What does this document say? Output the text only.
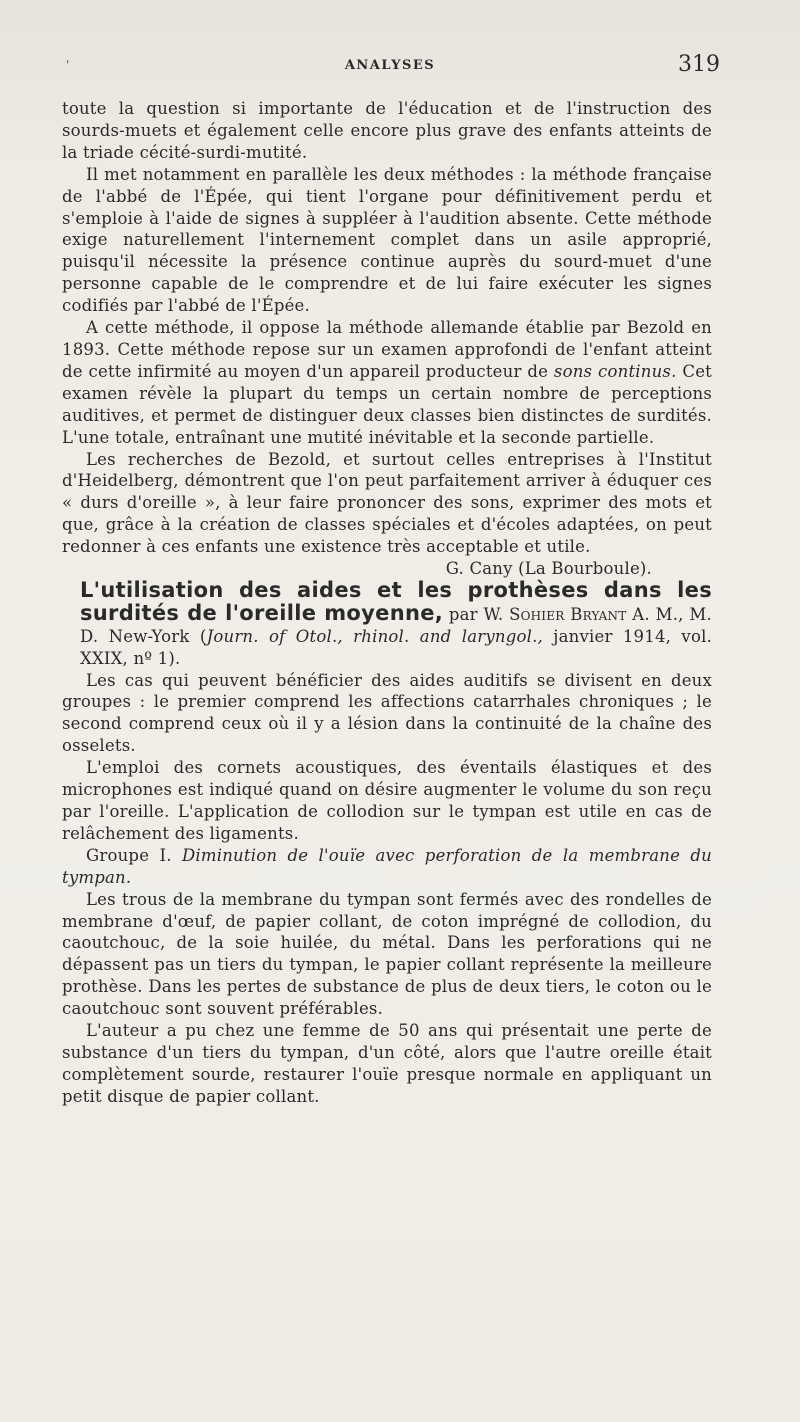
'	ANALYSES	319

toute la question si importante de l'éducation et de l'instruction des sourds-muets et également celle encore plus grave des enfants atteints de la triade cécité-surdi-mutité.

Il met notamment en parallèle les deux méthodes : la méthode française de l'abbé de l'Épée, qui tient l'organe pour définitivement perdu et s'emploie à l'aide de signes à suppléer à l'audition absente. Cette méthode exige naturellement l'internement complet dans un asile approprié, puisqu'il nécessite la présence continue auprès du sourd-muet d'une personne capable de le comprendre et de lui faire exécuter les signes codifiés par l'abbé de l'Épée.

A cette méthode, il oppose la méthode allemande établie par Bezold en 1893. Cette méthode repose sur un examen approfondi de l'enfant atteint de cette infirmité au moyen d'un appareil producteur de sons continus. Cet examen révèle la plupart du temps un certain nombre de perceptions auditives, et permet de distinguer deux classes bien distinctes de surdités. L'une totale, entraînant une mutité inévitable et la seconde partielle.

Les recherches de Bezold, et surtout celles entreprises à l'Institut d'Heidelberg, démontrent que l'on peut parfaitement arriver à éduquer ces « durs d'oreille », à leur faire prononcer des sons, exprimer des mots et que, grâce à la création de classes spéciales et d'écoles adaptées, on peut redonner à ces enfants une existence très acceptable et utile.

G. Cany (La Bourboule).

L'utilisation des aides et les prothèses dans les surdités de l'oreille moyenne, par W. Sohier Bryant A. M., M. D. New-York (Journ. of Otol., rhinol. and laryngol., janvier 1914, vol. XXIX, nº 1).

Les cas qui peuvent bénéficier des aides auditifs se divisent en deux groupes : le premier comprend les affections catarrhales chroniques ; le second comprend ceux où il y a lésion dans la continuité de la chaîne des osselets.

L'emploi des cornets acoustiques, des éventails élastiques et des microphones est indiqué quand on désire augmenter le volume du son reçu par l'oreille. L'application de collodion sur le tympan est utile en cas de relâchement des ligaments.

Groupe I. Diminution de l'ouïe avec perforation de la membrane du tympan.

Les trous de la membrane du tympan sont fermés avec des rondelles de membrane d'œuf, de papier collant, de coton imprégné de collodion, du caoutchouc, de la soie huilée, du métal. Dans les perforations qui ne dépassent pas un tiers du tympan, le papier collant représente la meilleure prothèse. Dans les pertes de substance de plus de deux tiers, le coton ou le caoutchouc sont souvent préférables.

L'auteur a pu chez une femme de 50 ans qui présentait une perte de substance d'un tiers du tympan, d'un côté, alors que l'autre oreille était complètement sourde, restaurer l'ouïe presque normale en appliquant un petit disque de papier collant.
